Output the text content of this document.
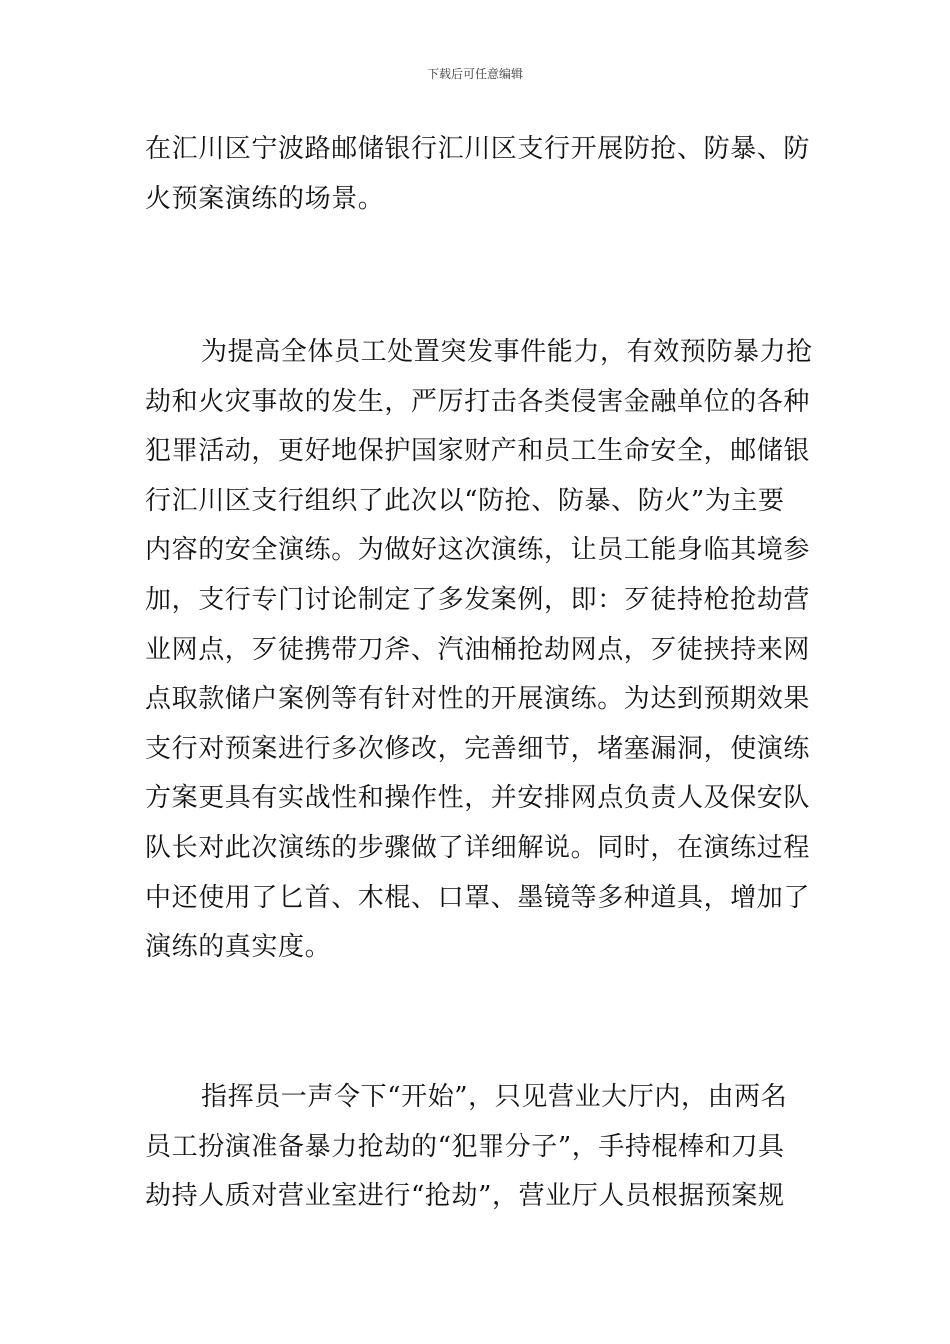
下载后可任意编辑
在汇川区宁波路邮储银行汇川区支行开展防抢、防暴、防
火预案演练的场景。
为提高全体员工处置突发事件能力，有效预防暴力抢
劫和火灾事故的发生，严厉打击各类侵害金融单位的各种
犯罪活动，更好地保护国家财产和员工生命安全，邮储银
行汇川区支行组织了此次以“防抢、防暴、防火”为主要
内容的安全演练。为做好这次演练，让员工能身临其境参
加，支行专门讨论制定了多发案例，即：歹徒持枪抢劫营
业网点，歹徒携带刀斧、汽油桶抢劫网点，歹徒挟持来网
点取款储户案例等有针对性的开展演练。为达到预期效果
支行对预案进行多次修改，完善细节，堵塞漏洞，使演练
方案更具有实战性和操作性，并安排网点负责人及保安队
队长对此次演练的步骤做了详细解说。同时，在演练过程
中还使用了匕首、木棍、口罩、墨镜等多种道具，增加了
演练的真实度。
指挥员一声令下“开始”，只见营业大厅内，由两名
员工扮演准备暴力抢劫的“犯罪分子”，手持棍棒和刀具
劫持人质对营业室进行“抢劫”，营业厅人员根据预案规
